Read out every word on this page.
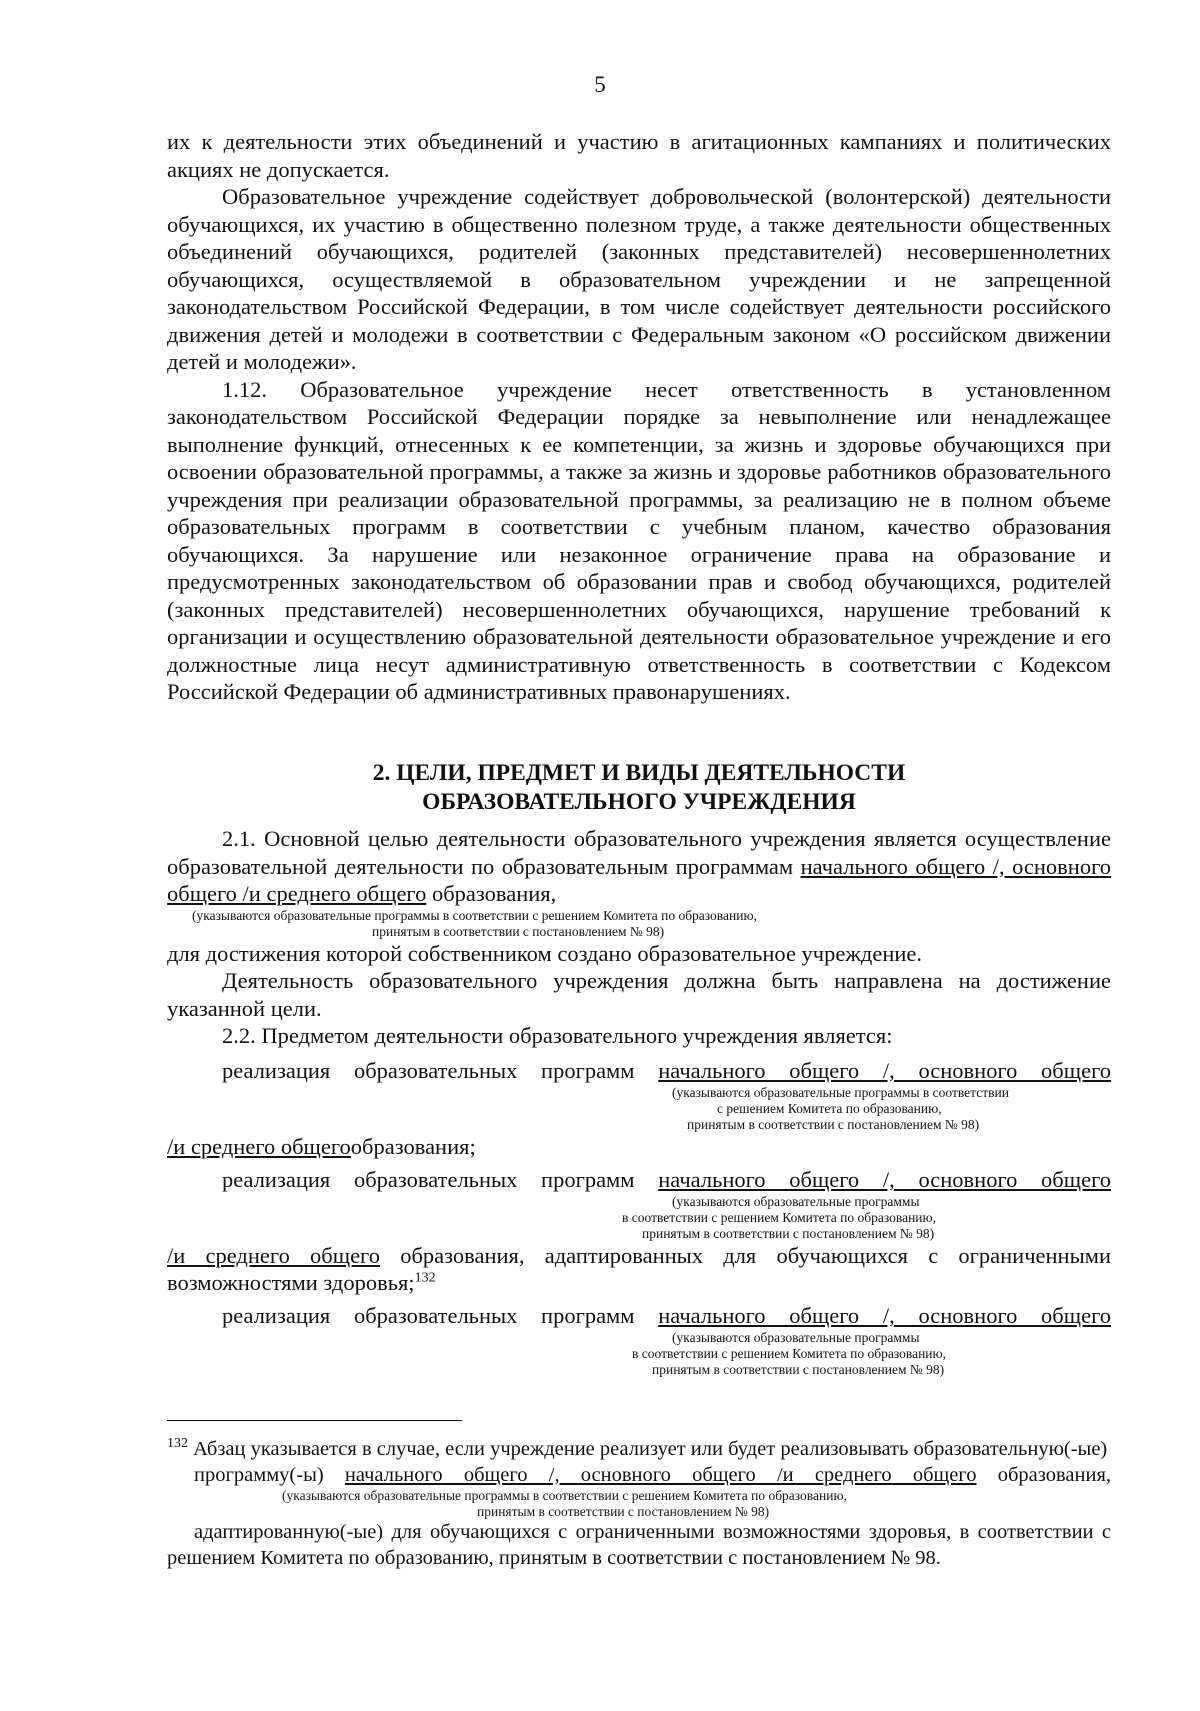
5

их к деятельности этих объединений и участию в агитационных кампаниях и политических акциях не допускается.

Образовательное учреждение содействует добровольческой (волонтерской) деятельности обучающихся, их участию в общественно полезном труде, а также деятельности общественных объединений обучающихся, родителей (законных представителей) несовершеннолетних обучающихся, осуществляемой в образовательном учреждении и не запрещенной законодательством Российской Федерации, в том числе содействует деятельности российского движения детей и молодежи в соответствии с Федеральным законом «О российском движении детей и молодежи».

1.12. Образовательное учреждение несет ответственность в установленном законодательством Российской Федерации порядке за невыполнение или ненадлежащее выполнение функций, отнесенных к ее компетенции, за жизнь и здоровье обучающихся при освоении образовательной программы, а также за жизнь и здоровье работников образовательного учреждения при реализации образовательной программы, за реализацию не в полном объеме образовательных программ в соответствии с учебным планом, качество образования обучающихся. За нарушение или незаконное ограничение права на образование и предусмотренных законодательством об образовании прав и свобод обучающихся, родителей (законных представителей) несовершеннолетних обучающихся, нарушение требований к организации и осуществлению образовательной деятельности образовательное учреждение и его должностные лица несут административную ответственность в соответствии с Кодексом Российской Федерации об административных правонарушениях.

2. ЦЕЛИ, ПРЕДМЕТ И ВИДЫ ДЕЯТЕЛЬНОСТИ

ОБРАЗОВАТЕЛЬНОГО УЧРЕЖДЕНИЯ

2.1. Основной целью деятельности образовательного учреждения является осуществление образовательной деятельности по образовательным программам начального общего /, основного общего /и среднего общего образования,

(указываются образовательные программы в соответствии с решением Комитета по образованию,

принятым в соответствии с постановлением № 98)

для достижения которой собственником создано образовательное учреждение.

Деятельность образовательного учреждения должна быть направлена на достижение указанной цели.

2.2. Предметом деятельности образовательного учреждения является:

реализация образовательных программ начального общего /, основного общего

(указываются образовательные программы в соответствии

с решением Комитета по образованию,

принятым в соответствии с постановлением № 98)

/и среднего общегообразования;

реализация образовательных программ начального общего /, основного общего

(указываются образовательные программы

в соответствии с решением Комитета по образованию,

принятым в соответствии с постановлением № 98)

/и среднего общего образования, адаптированных для обучающихся с ограниченными возможностями здоровья;$^{132}$

реализация образовательных программ начального общего /, основного общего

(указываются образовательные программы

в соответствии с решением Комитета по образованию,

принятым в соответствии с постановлением № 98)

$^{132}$ Абзац указывается в случае, если учреждение реализует или будет реализовывать образовательную(-ые)

программу(-ы) начального общего /, основного общего /и среднего общего образования,

(указываются образовательные программы в соответствии с решением Комитета по образованию,

принятым в соответствии с постановлением № 98)

адаптированную(-ые) для обучающихся с ограниченными возможностями здоровья, в соответствии с решением Комитета по образованию, принятым в соответствии с постановлением № 98.
